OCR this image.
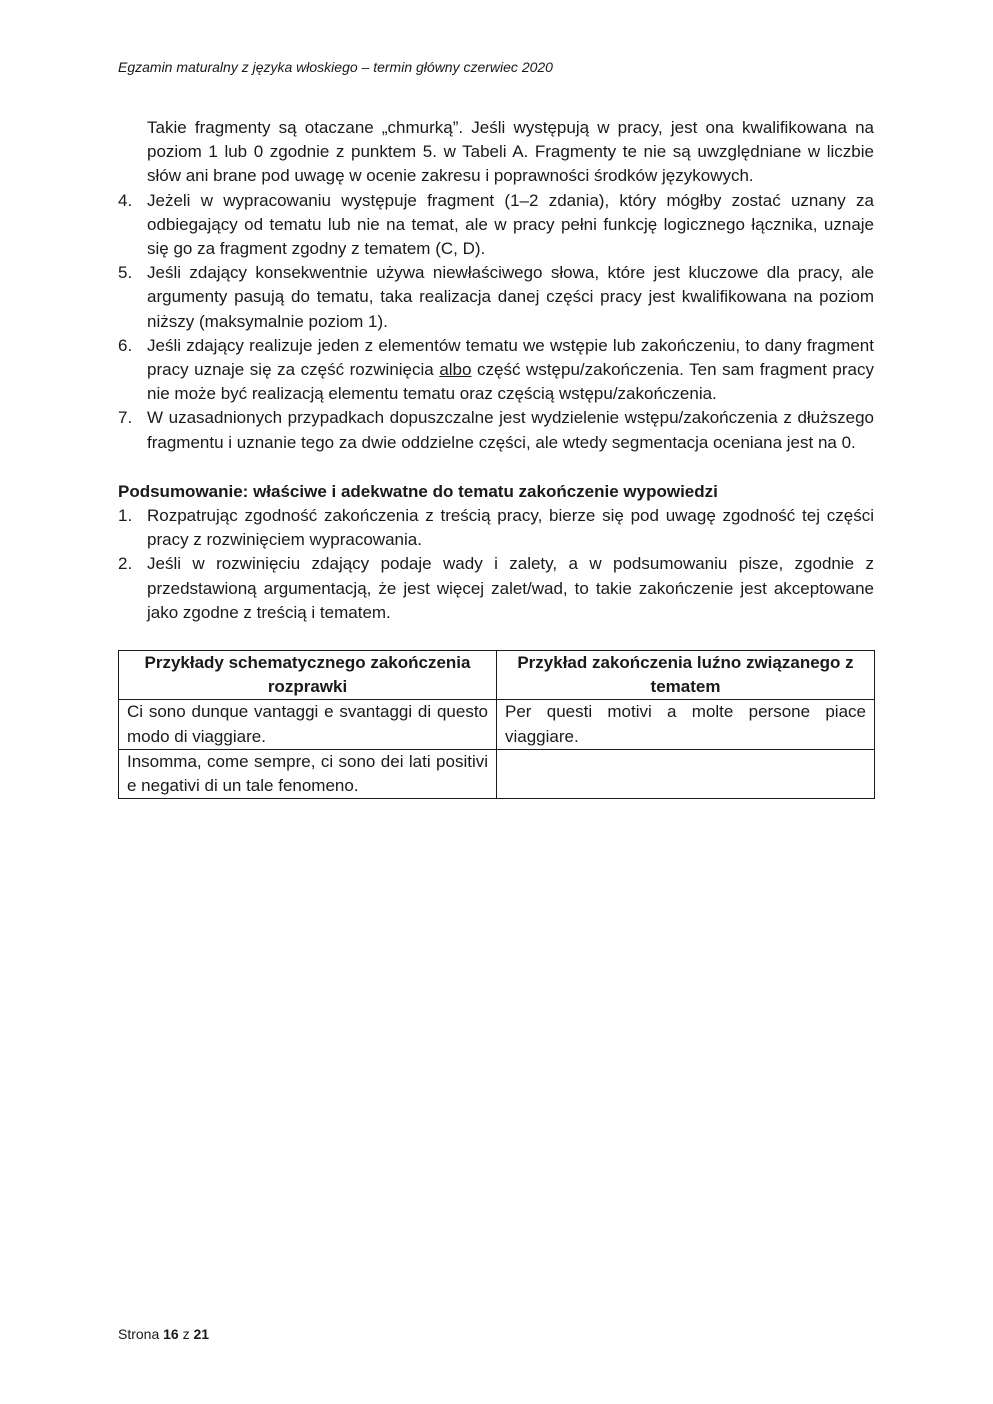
Egzamin maturalny z języka włoskiego – termin główny czerwiec 2020
Takie fragmenty są otaczane „chmurką”. Jeśli występują w pracy, jest ona kwalifikowana na poziom 1 lub 0 zgodnie z punktem 5. w Tabeli A. Fragmenty te nie są uwzględniane w liczbie słów ani brane pod uwagę w ocenie zakresu i poprawności środków językowych.
4. Jeżeli w wypracowaniu występuje fragment (1–2 zdania), który mógłby zostać uznany za odbiegający od tematu lub nie na temat, ale w pracy pełni funkcję logicznego łącznika, uznaje się go za fragment zgodny z tematem (C, D).
5. Jeśli zdający konsekwentnie używa niewłaściwego słowa, które jest kluczowe dla pracy, ale argumenty pasują do tematu, taka realizacja danej części pracy jest kwalifikowana na poziom niższy (maksymalnie poziom 1).
6. Jeśli zdający realizuje jeden z elementów tematu we wstępie lub zakończeniu, to dany fragment pracy uznaje się za część rozwinięcia albo część wstępu/zakończenia. Ten sam fragment pracy nie może być realizacją elementu tematu oraz częścią wstępu/zakończenia.
7. W uzasadnionych przypadkach dopuszczalne jest wydzielenie wstępu/zakończenia z dłuższego fragmentu i uznanie tego za dwie oddzielne części, ale wtedy segmentacja oceniana jest na 0.
Podsumowanie: właściwe i adekwatne do tematu zakończenie wypowiedzi
1. Rozpatrując zgodność zakończenia z treścią pracy, bierze się pod uwagę zgodność tej części pracy z rozwinięciem wypracowania.
2. Jeśli w rozwinięciu zdający podaje wady i zalety, a w podsumowaniu pisze, zgodnie z przedstawioną argumentacją, że jest więcej zalet/wad, to takie zakończenie jest akceptowane jako zgodne z treścią i tematem.
Przykłady schematycznego zakończenia rozprawki	Przykład zakończenia luźno związanego z tematem
Ci sono dunque vantaggi e svantaggi di questo modo di viaggiare.	Per questi motivi a molte persone piace viaggiare.
Insomma, come sempre, ci sono dei lati positivi e negativi di un tale fenomeno.	
Strona 16 z 21
